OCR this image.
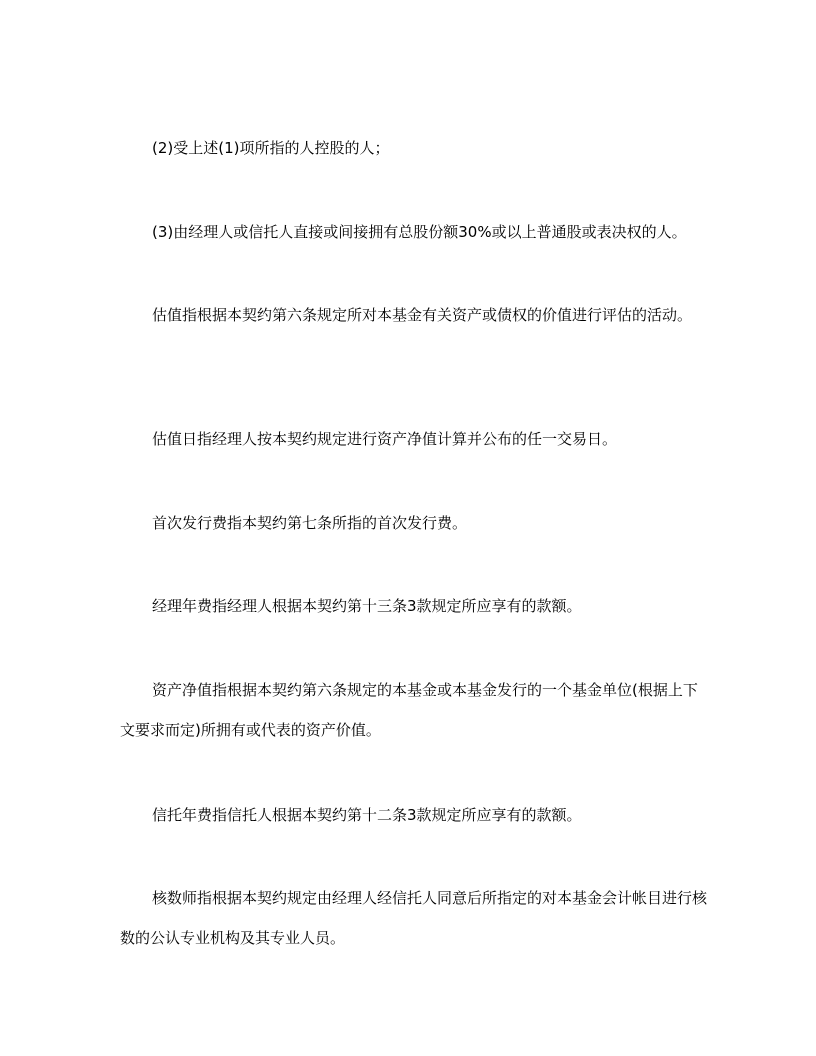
(2)受上述(1)项所指的人控股的人；

(3)由经理人或信托人直接或间接拥有总股份额30%或以上普通股或表决权的人。

估值指根据本契约第六条规定所对本基金有关资产或债权的价值进行评估的活动。

估值日指经理人按本契约规定进行资产净值计算并公布的任一交易日。

首次发行费指本契约第七条所指的首次发行费。

经理年费指经理人根据本契约第十三条3款规定所应享有的款额。

资产净值指根据本契约第六条规定的本基金或本基金发行的一个基金单位(根据上下文要求而定)所拥有或代表的资产价值。

信托年费指信托人根据本契约第十二条3款规定所应享有的款额。

核数师指根据本契约规定由经理人经信托人同意后所指定的对本基金会计帐目进行核数的公认专业机构及其专业人员。
